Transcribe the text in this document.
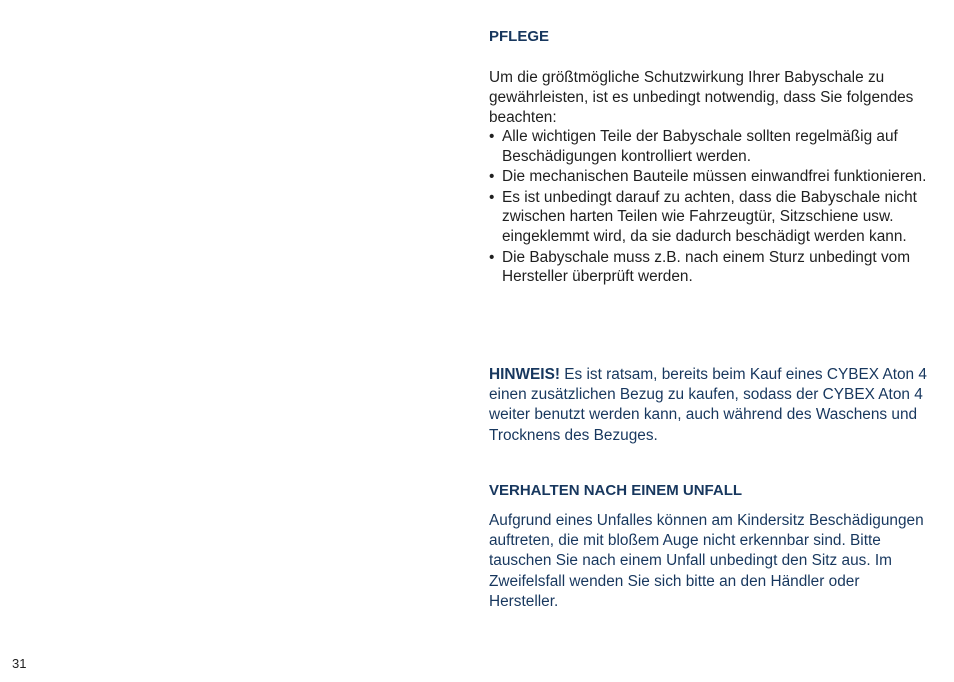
PFLEGE

Um die größtmögliche Schutzwirkung Ihrer Babyschale zu gewährleisten, ist es unbedingt notwendig, dass Sie folgendes beachten:

• Alle wichtigen Teile der Babyschale sollten regelmäßig auf Beschädigungen kontrolliert werden.
• Die mechanischen Bauteile müssen einwandfrei funktionieren.
• Es ist unbedingt darauf zu achten, dass die Babyschale nicht zwischen harten Teilen wie Fahrzeugtür, Sitzschiene usw. eingeklemmt wird, da sie dadurch beschädigt werden kann.
• Die Babyschale muss z.B. nach einem Sturz unbedingt vom Hersteller überprüft werden.

HINWEIS! Es ist ratsam, bereits beim Kauf eines CYBEX Aton 4 einen zusätzlichen Bezug zu kaufen, sodass der CYBEX Aton 4 weiter benutzt werden kann, auch während des Waschens und Trocknens des Bezuges.

VERHALTEN NACH EINEM UNFALL

Aufgrund eines Unfalles können am Kindersitz Beschädigungen auftreten, die mit bloßem Auge nicht erkennbar sind. Bitte tauschen Sie nach einem Unfall unbedingt den Sitz aus. Im Zweifelsfall wenden Sie sich bitte an den Händler oder Hersteller.

31
